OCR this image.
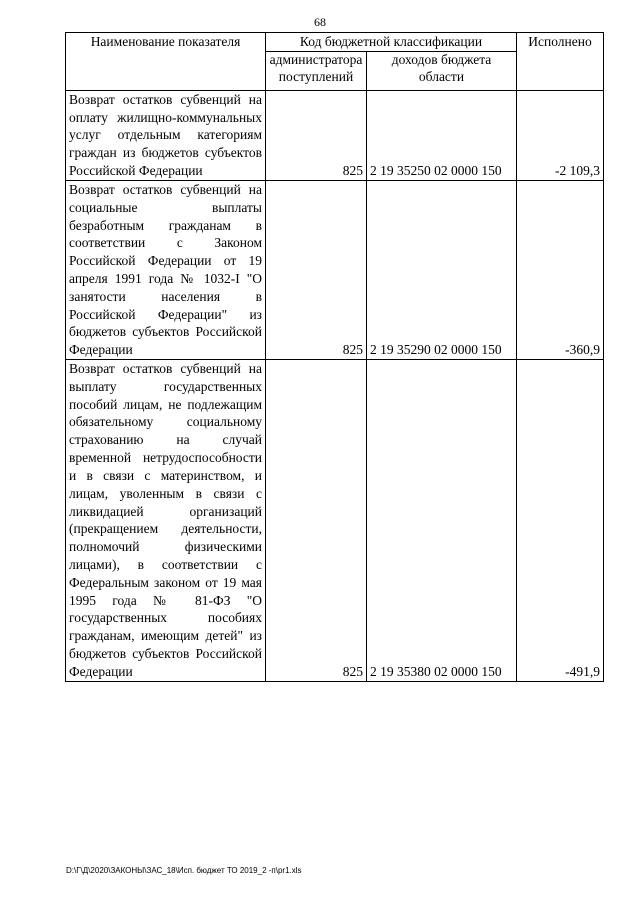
68
Наименование показателя	Код бюджетной классификации		Исполнено
	администратора поступлений	доходов бюджета области	
Возврат остатков субвенций на оплату жилищно-коммунальных услуг отдельным категориям граждан из бюджетов субъектов Российской Федерации	825	2 19 35250 02 0000 150	-2 109,3
Возврат остатков субвенций на социальные выплаты безработным гражданам в соответствии с Законом Российской Федерации от 19 апреля 1991 года № 1032-I "О занятости населения в Российской Федерации" из бюджетов субъектов Российской Федерации	825	2 19 35290 02 0000 150	-360,9
Возврат остатков субвенций на выплату государственных пособий лицам, не подлежащим обязательному социальному страхованию на случай временной нетрудоспособности и в связи с материнством, и лицам, уволенным в связи с ликвидацией организаций (прекращением деятельности, полномочий физическими лицами), в соответствии с Федеральным законом от 19 мая 1995 года № 81-ФЗ "О государственных пособиях гражданам, имеющим детей" из бюджетов субъектов Российской Федерации	825	2 19 35380 02 0000 150	-491,9
D:\Г\Д\2020\ЗАКОНЫ\ЗАС_18\Исп. бюджет ТО 2019_2 -п\pr1.xls
